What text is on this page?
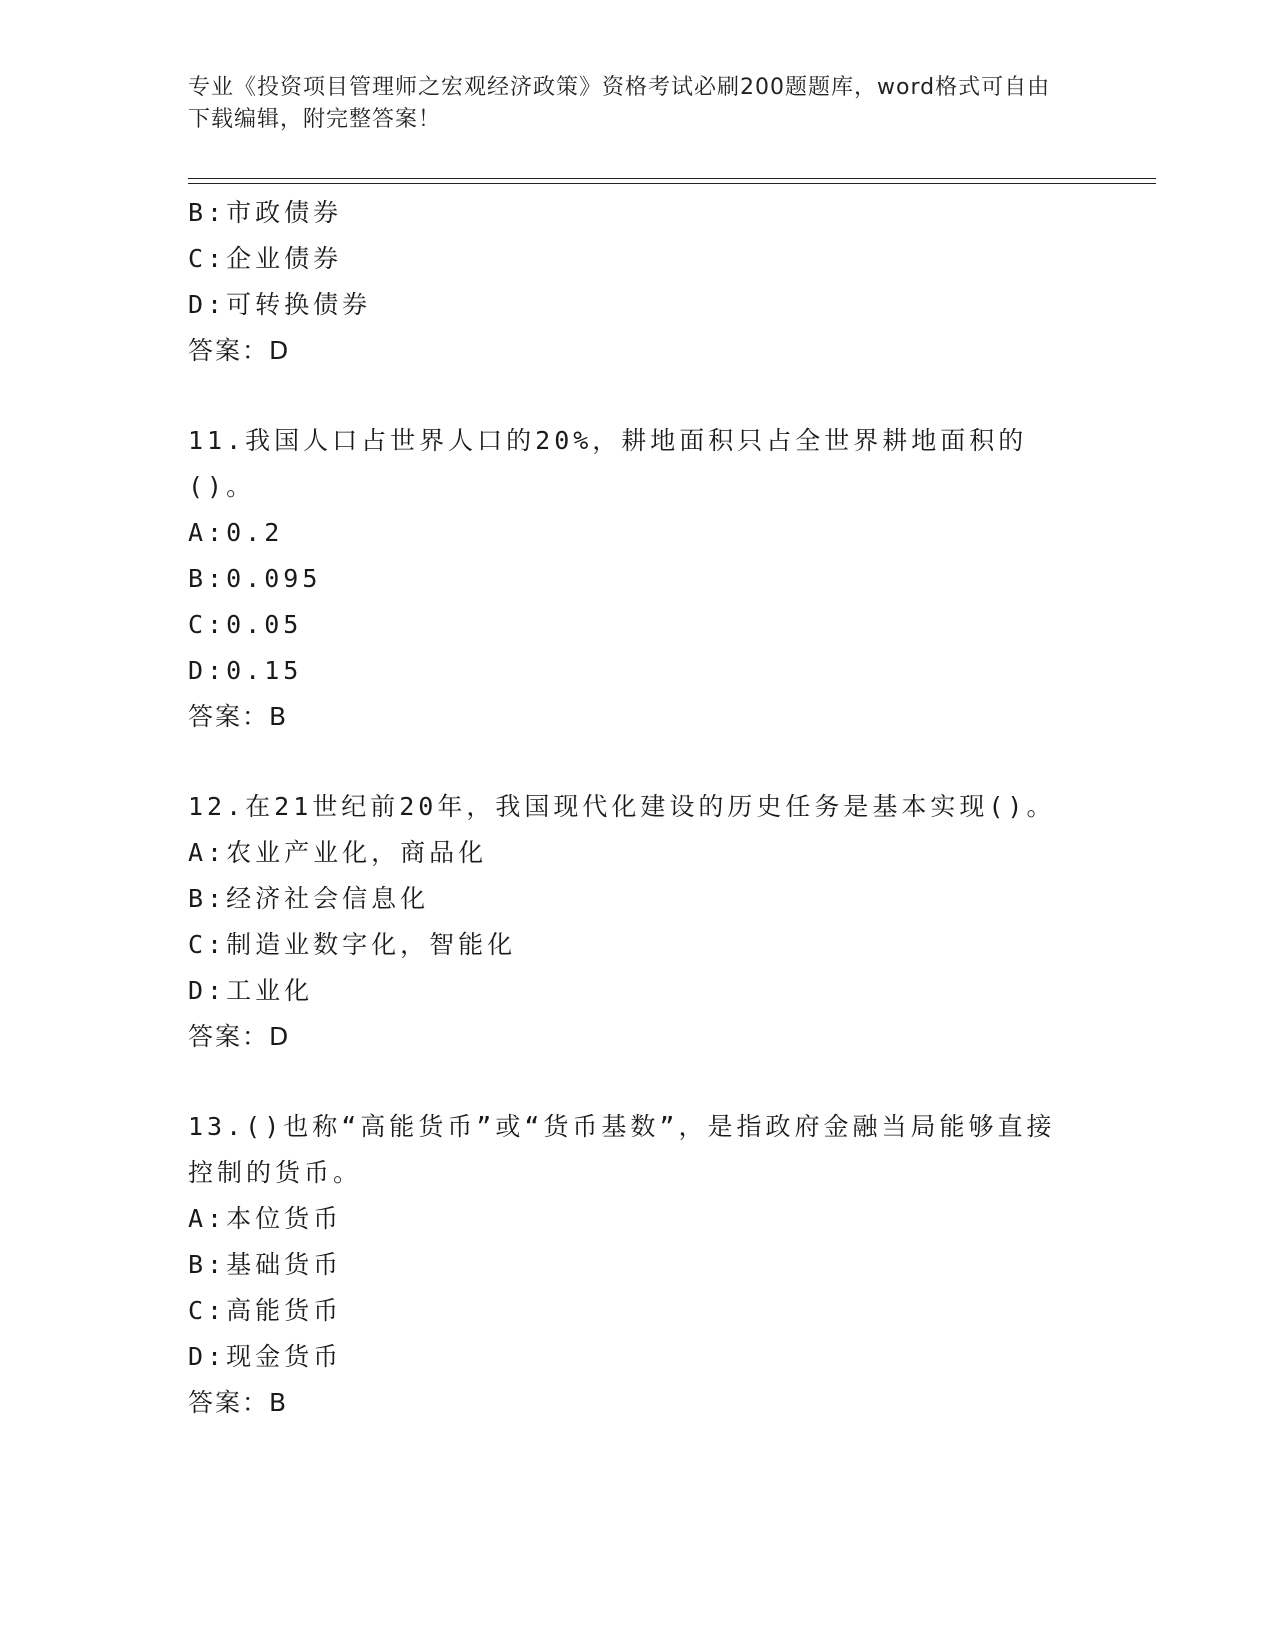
专业《投资项目管理师之宏观经济政策》资格考试必刷200题题库，word格式可自由下载编辑，附完整答案！
B:市政债券
C:企业债券
D:可转换债券
答案：D
11.我国人口占世界人口的20%，耕地面积只占全世界耕地面积的()。
A:0.2
B:0.095
C:0.05
D:0.15
答案：B
12.在21世纪前20年，我国现代化建设的历史任务是基本实现()。
A:农业产业化，商品化
B:经济社会信息化
C:制造业数字化，智能化
D:工业化
答案：D
13.()也称“高能货币”或“货币基数”，是指政府金融当局能够直接控制的货币。
A:本位货币
B:基础货币
C:高能货币
D:现金货币
答案：B
